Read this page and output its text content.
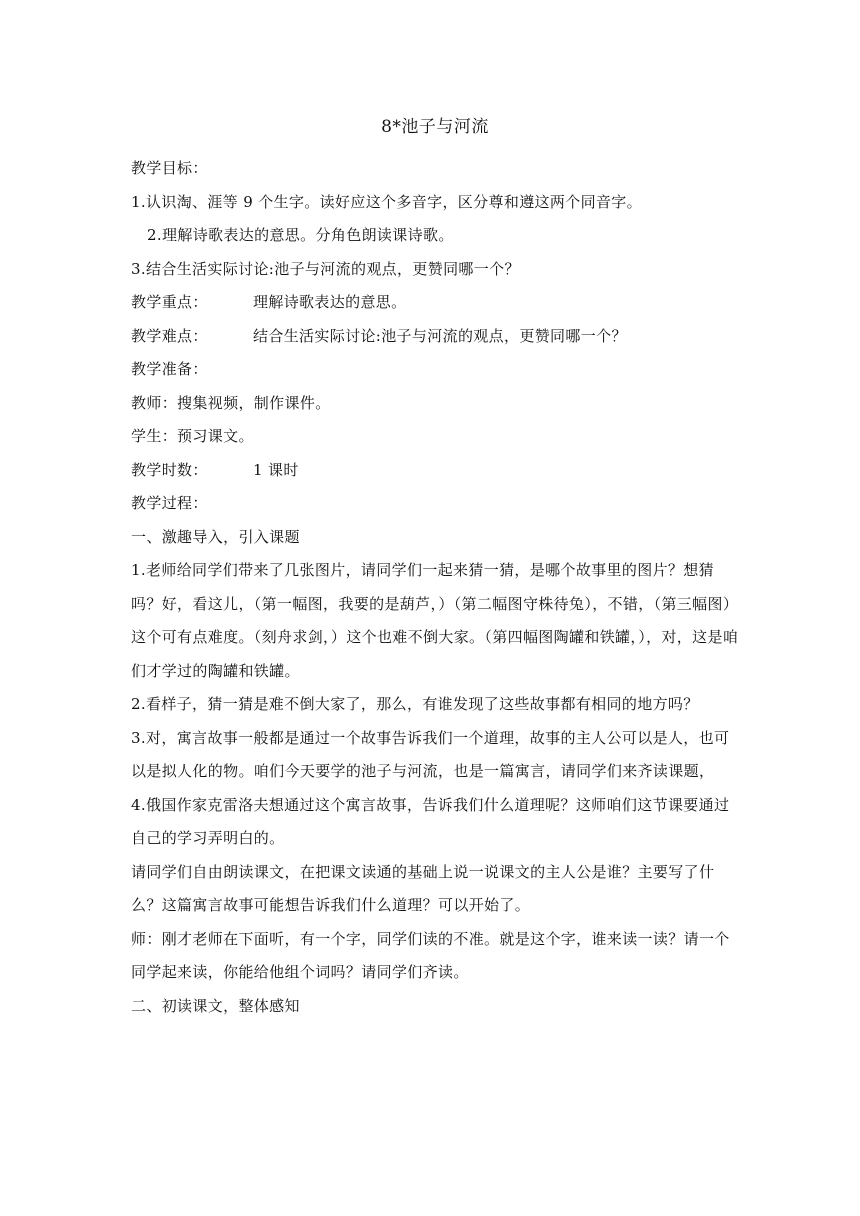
8*池子与河流

教学目标：

1.认识淘、涯等 9 个生字。读好应这个多音字，区分尊和遵这两个同音字。

2.理解诗歌表达的意思。分角色朗读课诗歌。

3.结合生活实际讨论:池子与河流的观点，更赞同哪一个？

教学重点：	理解诗歌表达的意思。
教学难点：	结合生活实际讨论:池子与河流的观点，更赞同哪一个？

教学准备：

教师：搜集视频，制作课件。

学生：预习课文。

教学时数：	1 课时

教学过程：

一、激趣导入，引入课题

1.老师给同学们带来了几张图片，请同学们一起来猜一猜，是哪个故事里的图片？想猜吗？好，看这儿，（第一幅图，我要的是葫芦，）（第二幅图守株待兔），不错，（第三幅图）这个可有点难度。（刻舟求剑，）这个也难不倒大家。（第四幅图陶罐和铁罐，），对，这是咱们才学过的陶罐和铁罐。

2.看样子，猜一猜是难不倒大家了，那么，有谁发现了这些故事都有相同的地方吗？

3.对，寓言故事一般都是通过一个故事告诉我们一个道理，故事的主人公可以是人，也可以是拟人化的物。咱们今天要学的池子与河流，也是一篇寓言，请同学们来齐读课题，

4.俄国作家克雷洛夫想通过这个寓言故事，告诉我们什么道理呢？这师咱们这节课要通过自己的学习弄明白的。

请同学们自由朗读课文，在把课文读通的基础上说一说课文的主人公是谁？主要写了什么？这篇寓言故事可能想告诉我们什么道理？可以开始了。

师：刚才老师在下面听，有一个字，同学们读的不准。就是这个字，谁来读一读？请一个同学起来读，你能给他组个词吗？请同学们齐读。

二、初读课文，整体感知
